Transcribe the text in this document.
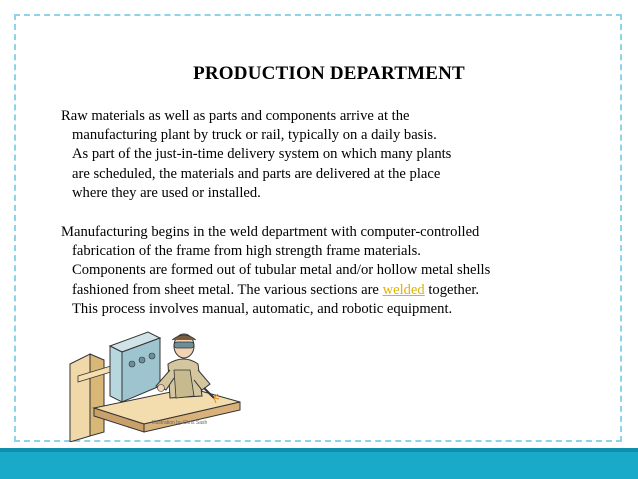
PRODUCTION DEPARTMENT
Raw materials as well as parts and components arrive at the
manufacturing plant by truck or rail, typically on a daily basis.
As part of the just-in-time delivery system on which many plants
are scheduled, the materials and parts are delivered at the place
where they are used or installed.
Manufacturing begins in the weld department with computer-controlled
fabrication of the frame from high strength frame materials.
Components are formed out of tubular metal and/or hollow metal shells
fashioned from sheet metal. The various sections are welded together.
This process involves manual, automatic, and robotic equipment.
Illustration by Chris Sash
